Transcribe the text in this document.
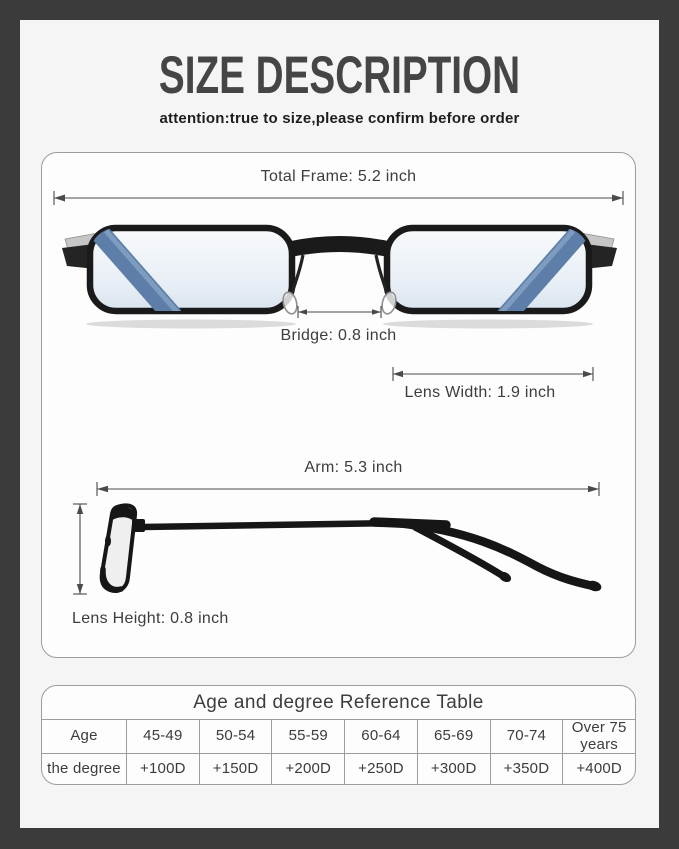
SIZE DESCRIPTION
attention:true to size,please confirm before order
Total Frame: 5.2 inch
Bridge: 0.8 inch
Lens Width: 1.9 inch
Arm: 5.3 inch
Lens Height: 0.8 inch
Age and degree Reference Table
Age	45-49	50-54	55-59	60-64	65-69	70-74	Over 75 years
the degree	+100D	+150D	+200D	+250D	+300D	+350D	+400D
